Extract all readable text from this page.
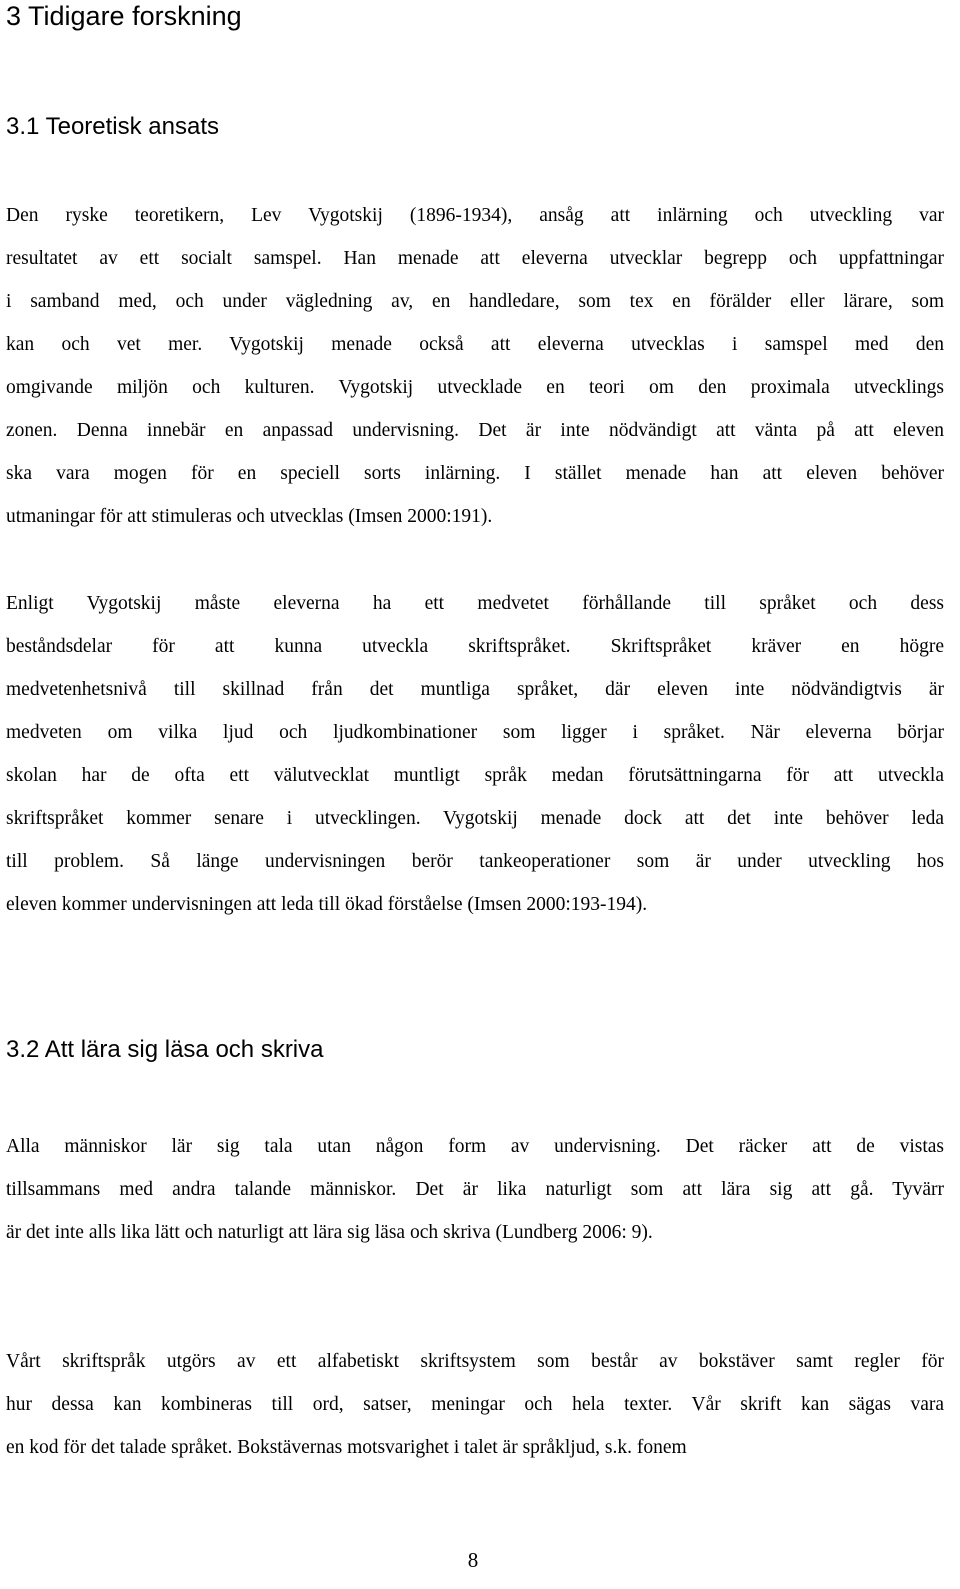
3 Tidigare forskning
3.1 Teoretisk ansats

Den ryske teoretikern, Lev Vygotskij (1896-1934), ansåg att inlärning och utveckling var
resultatet av ett socialt samspel. Han menade att eleverna utvecklar begrepp och uppfattningar
i samband med, och under vägledning av, en handledare, som tex en förälder eller lärare, som
kan och vet mer. Vygotskij menade också att eleverna utvecklas i samspel med den
omgivande miljön och kulturen. Vygotskij utvecklade en teori om den proximala utvecklings
zonen. Denna innebär en anpassad undervisning. Det är inte nödvändigt att vänta på att eleven
ska vara mogen för en speciell sorts inlärning. I stället menade han att eleven behöver
utmaningar för att stimuleras och utvecklas (Imsen 2000:191).

Enligt Vygotskij måste eleverna ha ett medvetet förhållande till språket och dess
beståndsdelar för att kunna utveckla skriftspråket. Skriftspråket kräver en högre
medvetenhetsnivå till skillnad från det muntliga språket, där eleven inte nödvändigtvis är
medveten om vilka ljud och ljudkombinationer som ligger i språket. När eleverna börjar
skolan har de ofta ett välutvecklat muntligt språk medan förutsättningarna för att utveckla
skriftspråket kommer senare i utvecklingen. Vygotskij menade dock att det inte behöver leda
till problem. Så länge undervisningen berör tankeoperationer som är under utveckling hos
eleven kommer undervisningen att leda till ökad förståelse (Imsen 2000:193-194).

3.2 Att lära sig läsa och skriva

Alla människor lär sig tala utan någon form av undervisning. Det räcker att de vistas
tillsammans med andra talande människor. Det är lika naturligt som att lära sig att gå. Tyvärr
är det inte alls lika lätt och naturligt att lära sig läsa och skriva (Lundberg 2006: 9).

Vårt skriftspråk utgörs av ett alfabetiskt skriftsystem som består av bokstäver samt regler för
hur dessa kan kombineras till ord, satser, meningar och hela texter. Vår skrift kan sägas vara
en kod för det talade språket. Bokstävernas motsvarighet i talet är språkljud, s.k. fonem

8
